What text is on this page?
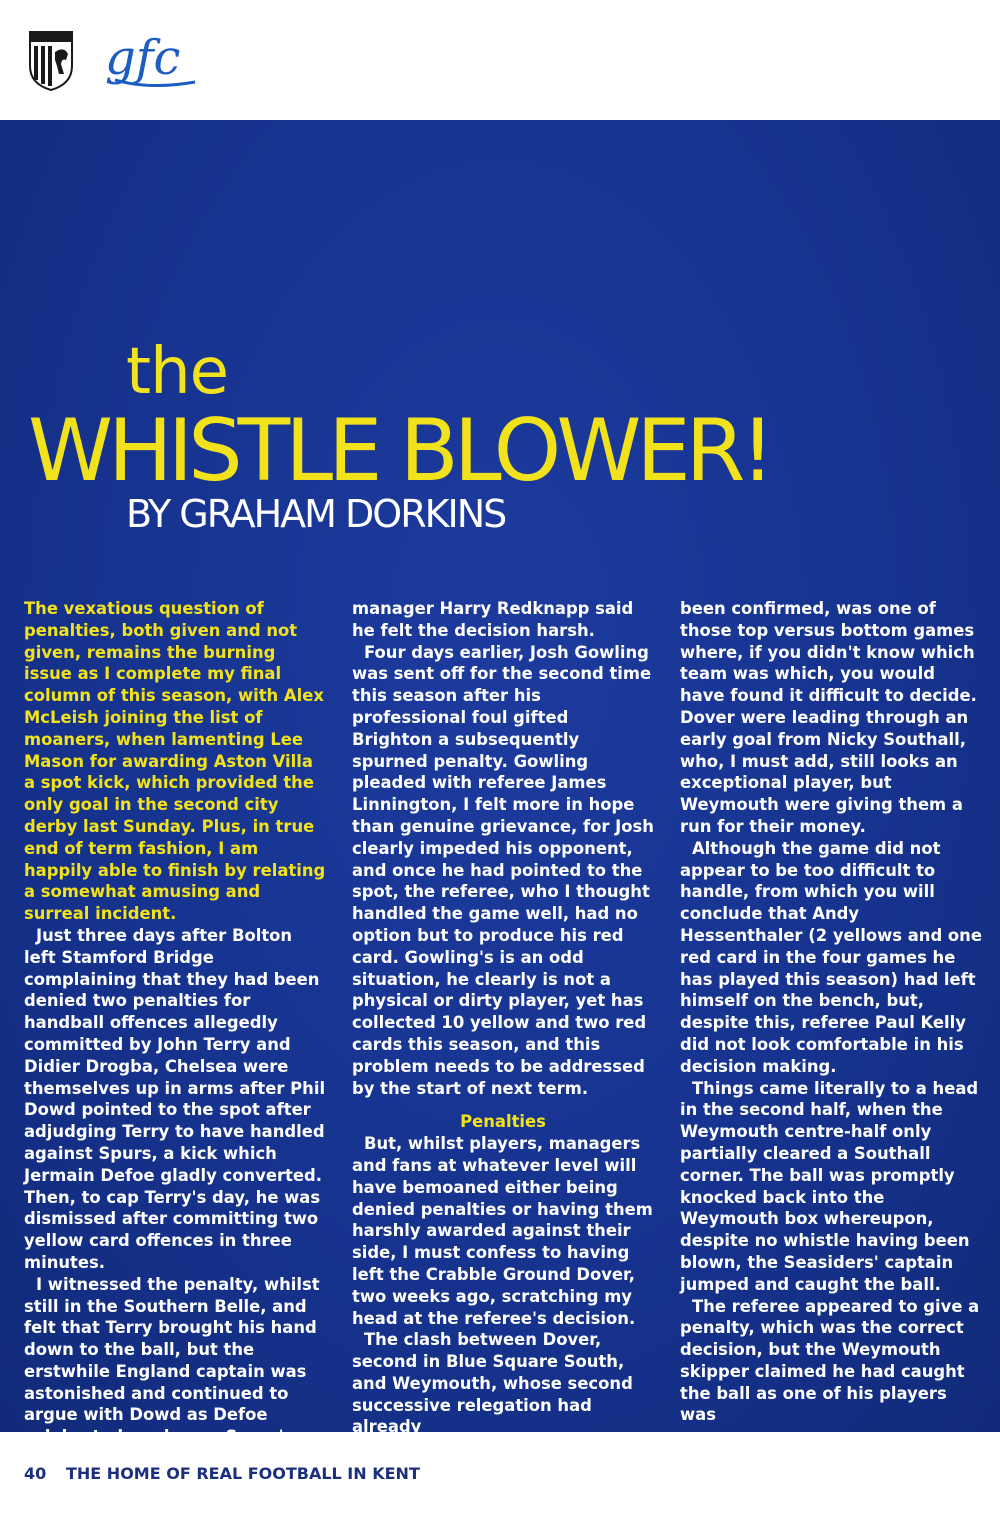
gfc
the
WHISTLE BLOWER!
BY GRAHAM DORKINS

The vexatious question of penalties, both given and not given, remains the burning issue as I complete my final column of this season, with Alex McLeish joining the list of moaners, when lamenting Lee Mason for awarding Aston Villa a spot kick, which provided the only goal in the second city derby last Sunday. Plus, in true end of term fashion, I am happily able to finish by relating a somewhat amusing and surreal incident.

Just three days after Bolton left Stamford Bridge complaining that they had been denied two penalties for handball offences allegedly committed by John Terry and Didier Drogba, Chelsea were themselves up in arms after Phil Dowd pointed to the spot after adjudging Terry to have handled against Spurs, a kick which Jermain Defoe gladly converted. Then, to cap Terry's day, he was dismissed after committing two yellow card offences in three minutes.

I witnessed the penalty, whilst still in the Southern Belle, and felt that Terry brought his hand down to the ball, but the erstwhile England captain was astonished and continued to argue with Dowd as Defoe celebrated, and even Spurs'

manager Harry Redknapp said he felt the decision harsh.

Four days earlier, Josh Gowling was sent off for the second time this season after his professional foul gifted Brighton a subsequently spurned penalty. Gowling pleaded with referee James Linnington, I felt more in hope than genuine grievance, for Josh clearly impeded his opponent, and once he had pointed to the spot, the referee, who I thought handled the game well, had no option but to produce his red card. Gowling's is an odd situation, he clearly is not a physical or dirty player, yet has collected 10 yellow and two red cards this season, and this problem needs to be addressed by the start of next term.

Penalties

But, whilst players, managers and fans at whatever level will have bemoaned either being denied penalties or having them harshly awarded against their side, I must confess to having left the Crabble Ground Dover, two weeks ago, scratching my head at the referee's decision.

The clash between Dover, second in Blue Square South, and Weymouth, whose second successive relegation had already

been confirmed, was one of those top versus bottom games where, if you didn't know which team was which, you would have found it difficult to decide. Dover were leading through an early goal from Nicky Southall, who, I must add, still looks an exceptional player, but Weymouth were giving them a run for their money.

Although the game did not appear to be too difficult to handle, from which you will conclude that Andy Hessenthaler (2 yellows and one red card in the four games he has played this season) had left himself on the bench, but, despite this, referee Paul Kelly did not look comfortable in his decision making.

Things came literally to a head in the second half, when the Weymouth centre-half only partially cleared a Southall corner. The ball was promptly knocked back into the Weymouth box whereupon, despite no whistle having been blown, the Seasiders' captain jumped and caught the ball.

The referee appeared to give a penalty, which was the correct decision, but the Weymouth skipper claimed he had caught the ball as one of his players was

40 THE HOME OF REAL FOOTBALL IN KENT
